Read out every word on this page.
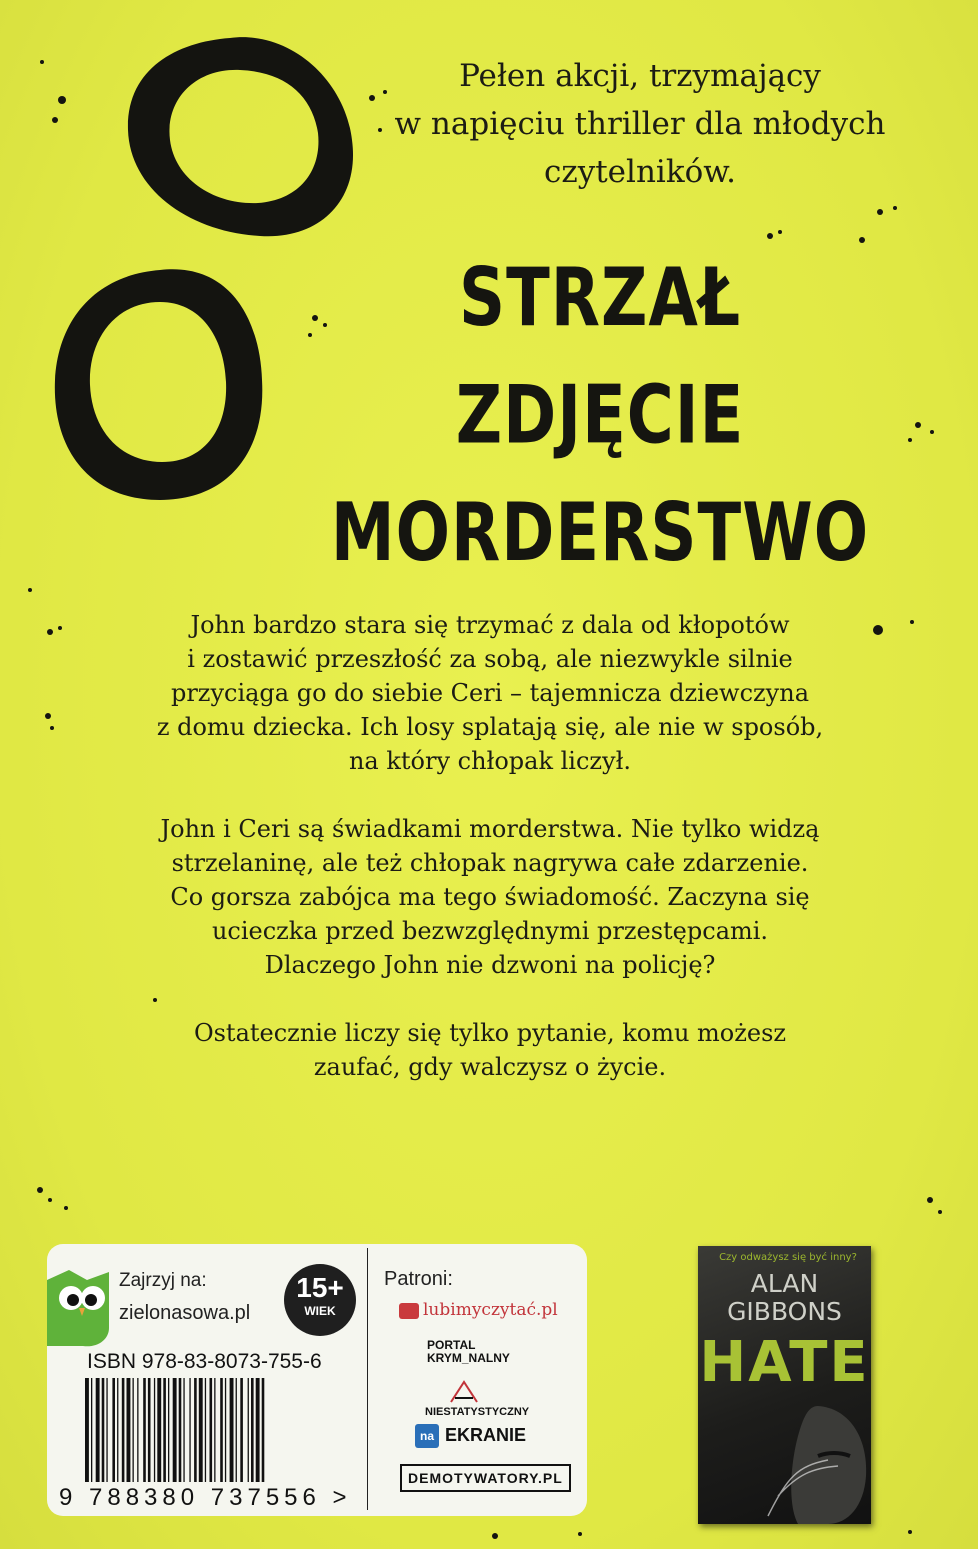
Pełen akcji, trzymający
w napięciu thriller dla młodych
czytelników.
STRZAŁ
ZDJĘCIE
MORDERSTWO

John bardzo stara się trzymać z dala od kłopotów
i zostawić przeszłość za sobą, ale niezwykle silnie
przyciąga go do siebie Ceri – tajemnicza dziewczyna
z domu dziecka. Ich losy splatają się, ale nie w sposób,
na który chłopak liczył.

John i Ceri są świadkami morderstwa. Nie tylko widzą
strzelaninę, ale też chłopak nagrywa całe zdarzenie.
Co gorsza zabójca ma tego świadomość. Zaczyna się
ucieczka przed bezwzględnymi przestępcami.
Dlaczego John nie dzwoni na policję?

Ostatecznie liczy się tylko pytanie, komu możesz
zaufać, gdy walczysz o życie.

Zajrzyj na:
zielonasowa.pl
15+
WIEK
ISBN 978-83-8073-755-6
9 788380 737556 >
Patroni:
lubimyczytać.pl
PORTAL
KRYM_NALNY
NIESTATYSTYCZNY
na EKRANIE
DEMOTYWATORY.PL
Czy odważysz się być inny?
ALAN
GIBBONS
HATE
